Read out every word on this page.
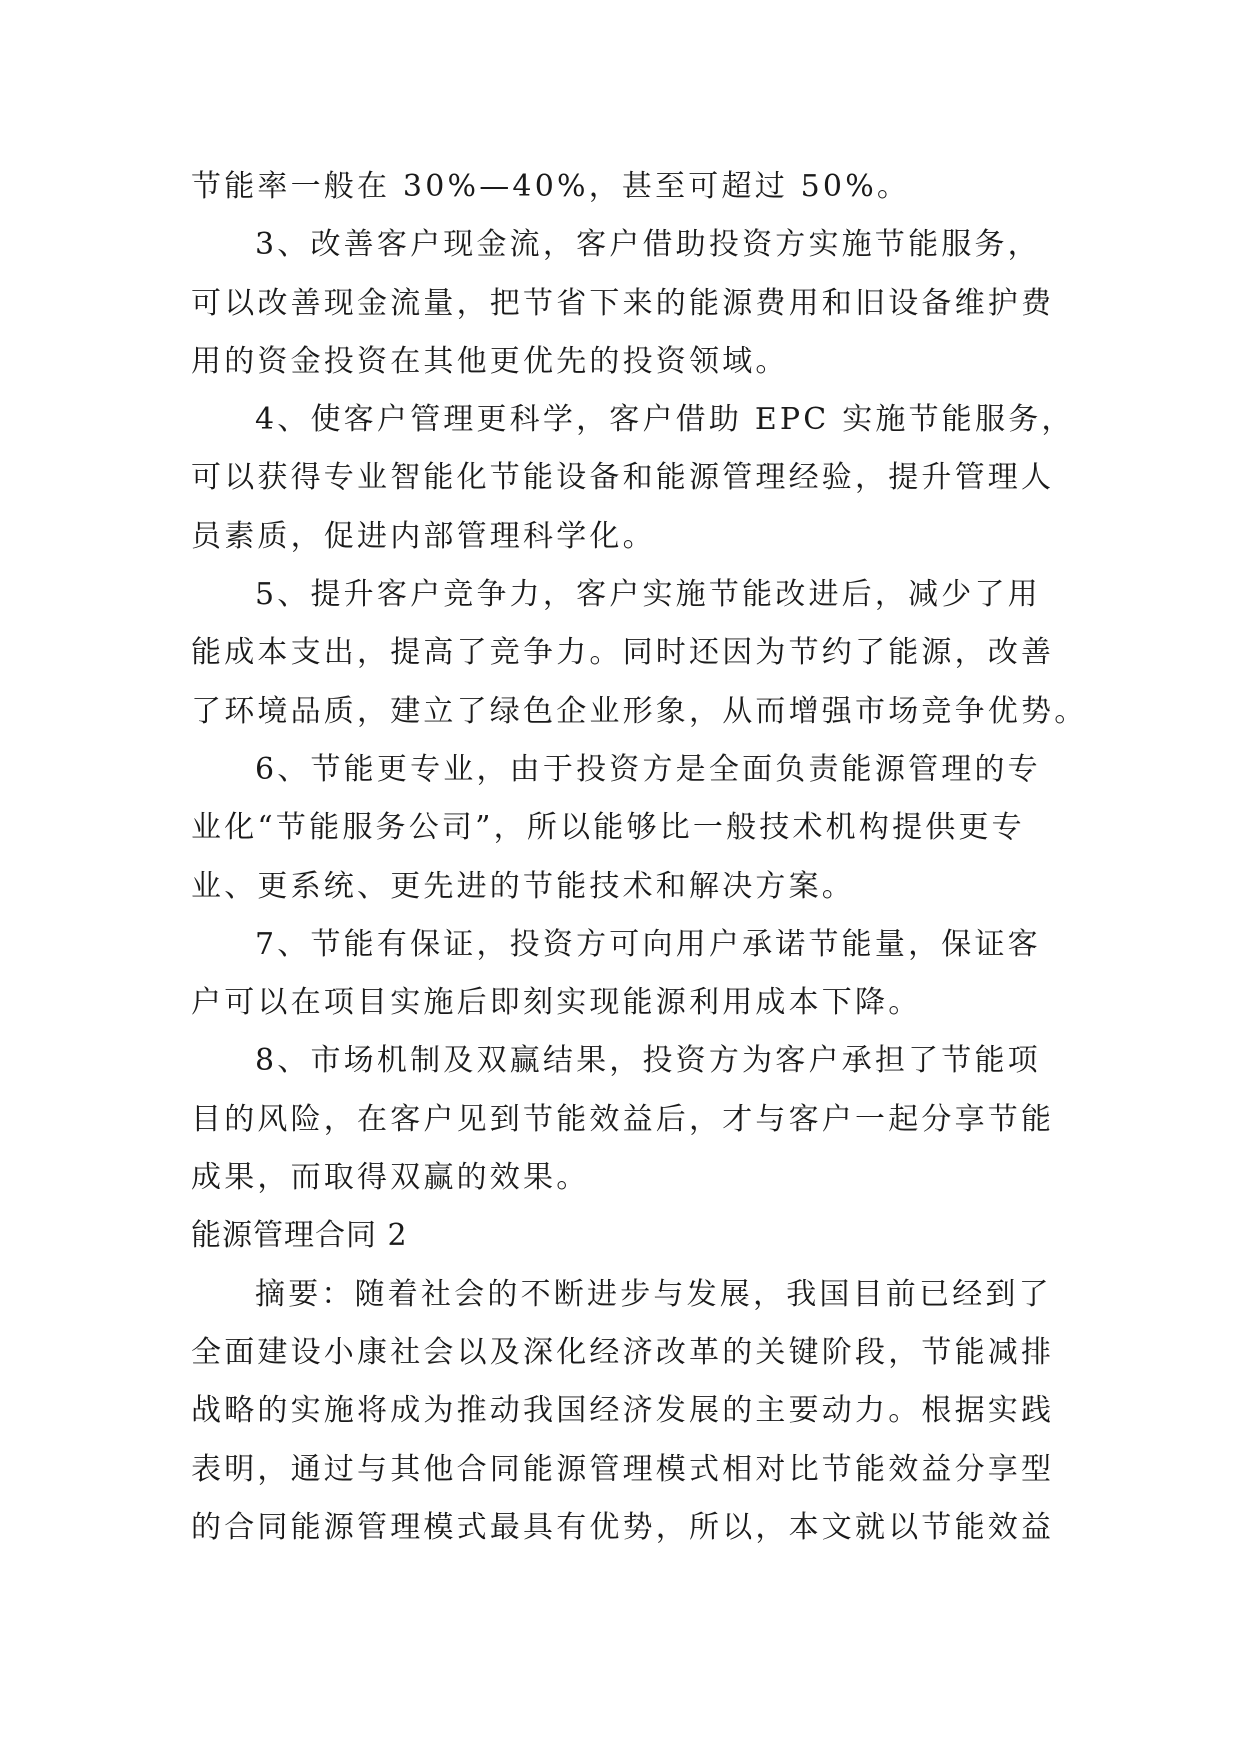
节能率一般在 30%—40%，甚至可超过 50%。
3、改善客户现金流，客户借助投资方实施节能服务，
可以改善现金流量，把节省下来的能源费用和旧设备维护费
用的资金投资在其他更优先的投资领域。
4、使客户管理更科学，客户借助 EPC 实施节能服务，
可以获得专业智能化节能设备和能源管理经验，提升管理人
员素质，促进内部管理科学化。
5、提升客户竞争力，客户实施节能改进后，减少了用
能成本支出，提高了竞争力。同时还因为节约了能源，改善
了环境品质，建立了绿色企业形象，从而增强市场竞争优势。
6、节能更专业，由于投资方是全面负责能源管理的专
业化“节能服务公司”，所以能够比一般技术机构提供更专
业、更系统、更先进的节能技术和解决方案。
7、节能有保证，投资方可向用户承诺节能量，保证客
户可以在项目实施后即刻实现能源利用成本下降。
8、市场机制及双赢结果，投资方为客户承担了节能项
目的风险，在客户见到节能效益后，才与客户一起分享节能
成果，而取得双赢的效果。
能源管理合同 2
摘要：随着社会的不断进步与发展，我国目前已经到了
全面建设小康社会以及深化经济改革的关键阶段，节能减排
战略的实施将成为推动我国经济发展的主要动力。根据实践
表明，通过与其他合同能源管理模式相对比节能效益分享型
的合同能源管理模式最具有优势，所以，本文就以节能效益
